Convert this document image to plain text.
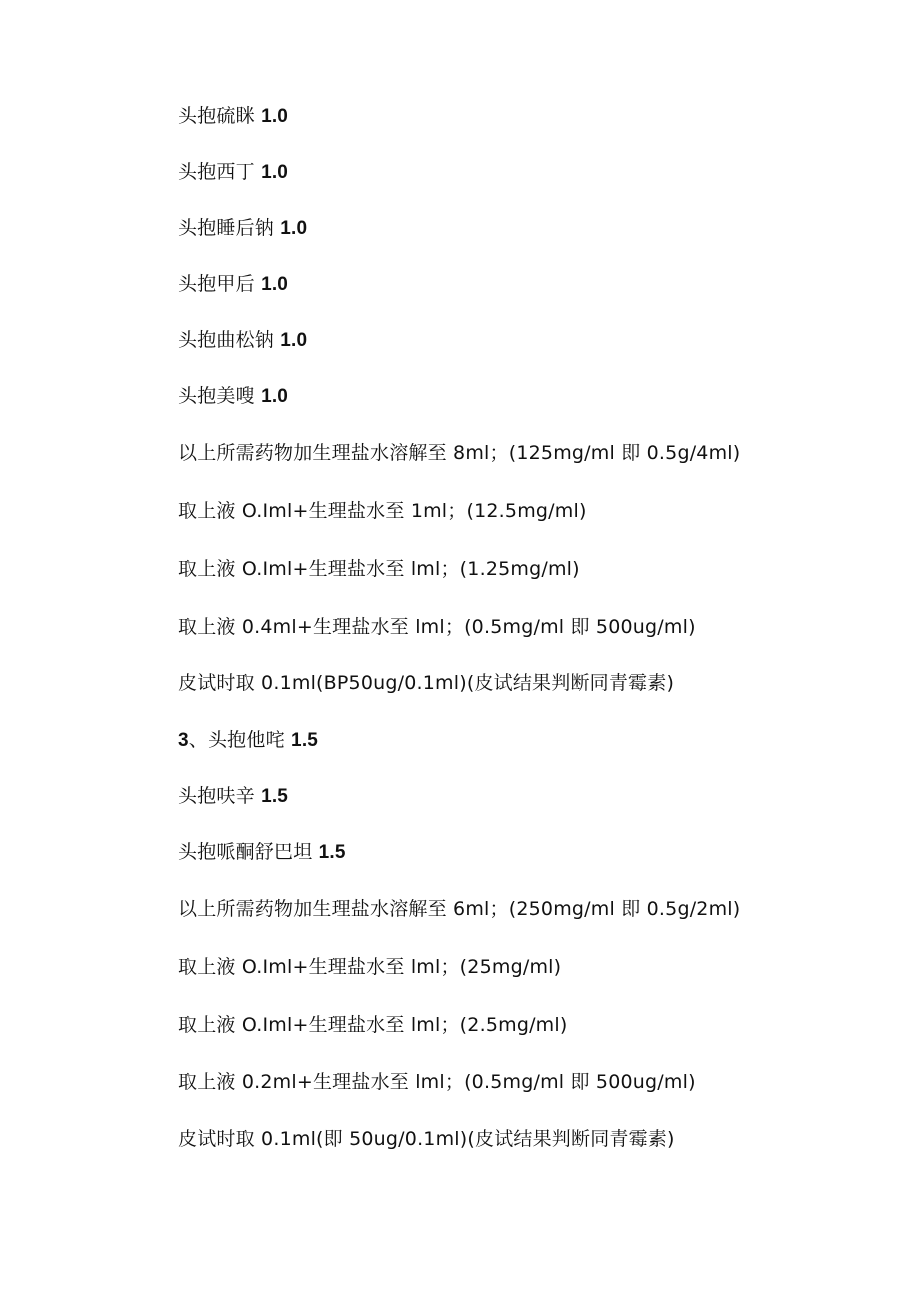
头抱硫眯 1.0
头抱西丁 1.0
头抱睡后钠 1.0
头抱甲后 1.0
头抱曲松钠 1.0
头抱美嗖 1.0
以上所需药物加生理盐水溶解至 8ml；(125mg/ml 即 0.5g/4ml)
取上液 O.Iml+生理盐水至 1ml；(12.5mg/ml)
取上液 O.Iml+生理盐水至 lml；(1.25mg/ml)
取上液 0.4ml+生理盐水至 lml；(0.5mg/ml 即 500ug/ml)
皮试时取 0.1ml(BP50ug/0.1ml)(皮试结果判断同青霉素)
3、头抱他咤 1.5
头抱呋辛 1.5
头抱哌酮舒巴坦 1.5
以上所需药物加生理盐水溶解至 6ml；(250mg/ml 即 0.5g/2ml)
取上液 O.Iml+生理盐水至 lml；(25mg/ml)
取上液 O.Iml+生理盐水至 lml；(2.5mg/ml)
取上液 0.2ml+生理盐水至 lml；(0.5mg/ml 即 500ug/ml)
皮试时取 0.1ml(即 50ug/0.1ml)(皮试结果判断同青霉素)
